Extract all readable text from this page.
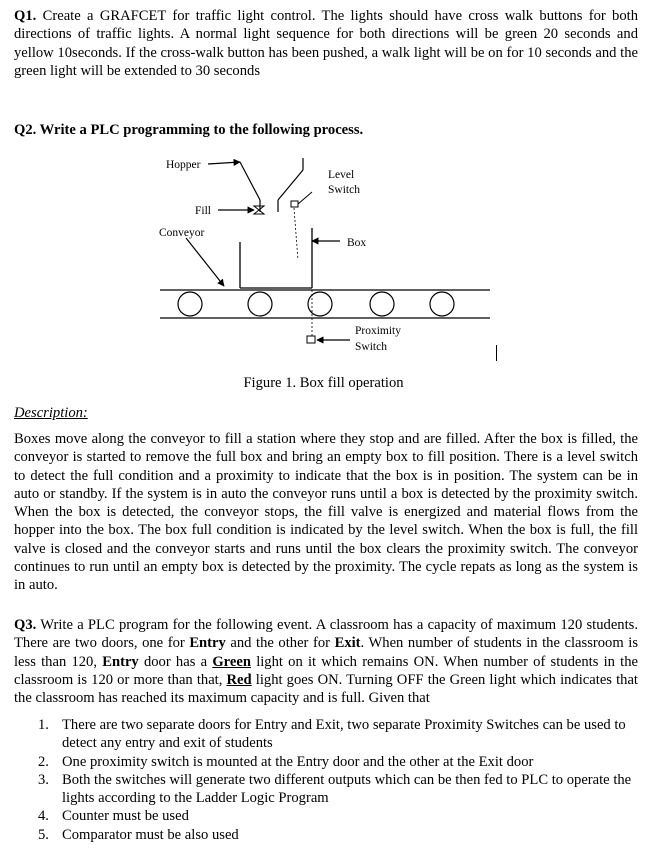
Q1. Create a GRAFCET for traffic light control. The lights should have cross walk buttons for both directions of traffic lights. A normal light sequence for both directions will be green 20 seconds and yellow 10seconds. If the cross-walk button has been pushed, a walk light will be on for 10 seconds and the green light will be extended to 30 seconds
Q2. Write a PLC programming to the following process.
Hopper
Fill
Level
Switch
Box
Conveyor
Proximity
Switch
Figure 1. Box fill operation
Description:
Boxes move along the conveyor to fill a station where they stop and are filled. After the box is filled, the conveyor is started to remove the full box and bring an empty box to fill position. There is a level switch to detect the full condition and a proximity to indicate that the box is in position. The system can be in auto or standby. If the system is in auto the conveyor runs until a box is detected by the proximity switch. When the box is detected, the conveyor stops, the fill valve is energized and material flows from the hopper into the box. The box full condition is indicated by the level switch. When the box is full, the fill valve is closed and the conveyor starts and runs until the box clears the proximity switch. The conveyor continues to run until an empty box is detected by the proximity. The cycle repats as long as the system is in auto.
Q3. Write a PLC program for the following event. A classroom has a capacity of maximum 120 students. There are two doors, one for Entry and the other for Exit. When number of students in the classroom is less than 120, Entry door has a Green light on it which remains ON. When number of students in the classroom is 120 or more than that, Red light goes ON. Turning OFF the Green light which indicates that the classroom has reached its maximum capacity and is full. Given that
1. There are two separate doors for Entry and Exit, two separate Proximity Switches can be used to detect any entry and exit of students
2. One proximity switch is mounted at the Entry door and the other at the Exit door
3. Both the switches will generate two different outputs which can be then fed to PLC to operate the lights according to the Ladder Logic Program
4. Counter must be used
5. Comparator must be also used
